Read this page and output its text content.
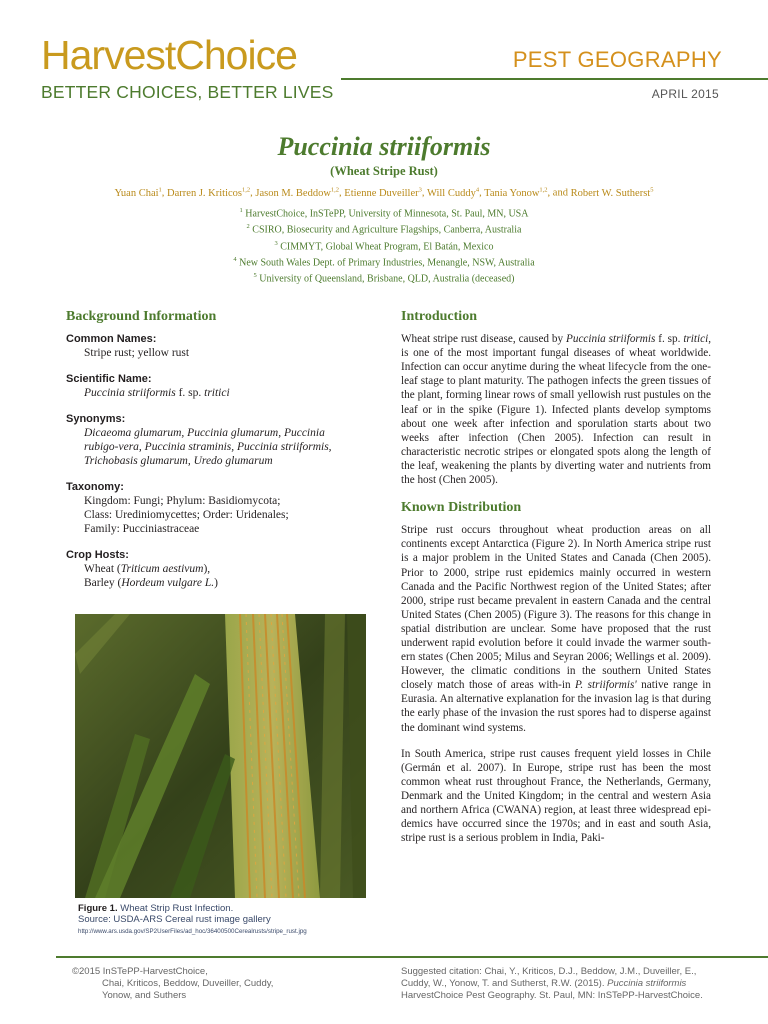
HarvestChoice
BETTER CHOICES, BETTER LIVES
PEST GEOGRAPHY
APRIL 2015
Puccinia striiformis
(Wheat Stripe Rust)
Yuan Chai$^1$, Darren J. Kriticos$^{1,2}$, Jason M. Beddow$^{1,2}$, Etienne Duveiller$^3$, Will Cuddy$^4$, Tania Yonow$^{1,2}$, and Robert W. Sutherst$^5$
$^1$ HarvestChoice, InSTePP, University of Minnesota, St. Paul, MN, USA
$^2$ CSIRO, Biosecurity and Agriculture Flagships, Canberra, Australia
$^3$ CIMMYT, Global Wheat Program, El Batán, Mexico
$^4$ New South Wales Dept. of Primary Industries, Menangle, NSW, Australia
$^5$ University of Queensland, Brisbane, QLD, Australia (deceased)
Background Information
Common Names:
Stripe rust; yellow rust
Scientific Name:
Puccinia striiformis f. sp. tritici
Synonyms:
Dicaeoma glumarum, Puccinia glumarum, Puccinia
rubigo-vera, Puccinia straminis, Puccinia striiformis,
Trichobasis glumarum, Uredo glumarum
Taxonomy:
Kingdom: Fungi; Phylum: Basidiomycota;
Class: Urediniomycettes; Order: Uridenales;
Family: Pucciniastraceae
Crop Hosts:
Wheat (Triticum aestivum),
Barley (Hordeum vulgare L.)
Figure 1. Wheat Strip Rust Infection.
Source: USDA-ARS Cereal rust image gallery
http://www.ars.usda.gov/SP2UserFiles/ad_hoc/36400500Cerealrusts/stripe_rust.jpg
Introduction

Wheat stripe rust disease, caused by Puccinia striiformis f. sp. tritici, is one of the most important fungal diseases of wheat worldwide. Infection can occur anytime during the wheat lifecycle from the one-leaf stage to plant maturity. The pathogen infects the green tissues of the plant, forming linear rows of small yellowish rust pustules on the leaf or in the spike (Figure 1). Infected plants develop symptoms about one week after infection and sporulation starts about two weeks after infection (Chen 2005). Infection can result in characteristic necrotic stripes or elongated spots along the length of the leaf, weakening the plants by diverting water and nutrients from the host (Chen 2005).

Known Distribution

Stripe rust occurs throughout wheat production areas on all continents except Antarctica (Figure 2). In North America stripe rust is a major problem in the United States and Canada (Chen 2005). Prior to 2000, stripe rust epidemics mainly occurred in western Canada and the Pacific Northwest region of the United States; after 2000, stripe rust became prevalent in eastern Canada and the central United States (Chen 2005) (Figure 3). The reasons for this change in spatial distribution are unclear. Some have proposed that the rust underwent rapid evolution before it could invade the warmer south-ern states (Chen 2005; Milus and Seyran 2006; Wellings et al. 2009). However, the climatic conditions in the southern United States closely match those of areas with-in P. striiformis' native range in Eurasia. An alternative explanation for the invasion lag is that during the early phase of the invasion the rust spores had to disperse against the dominant wind systems.

In South America, stripe rust causes frequent yield losses in Chile (Germán et al. 2007). In Europe, stripe rust has been the most common wheat rust throughout France, the Netherlands, Germany, Denmark and the United Kingdom; in the central and western Asia and northern Africa (CWANA) region, at least three widespread epi-demics have occurred since the 1970s; and in east and south Asia, stripe rust is a serious problem in India, Paki-

©2015 InSTePP-HarvestChoice,
Chai, Kriticos, Beddow, Duveiller, Cuddy,
Yonow, and Suthers
Suggested citation: Chai, Y., Kriticos, D.J., Beddow, J.M., Duveiller, E., Cuddy, W., Yonow, T. and Sutherst, R.W. (2015). Puccinia striiformis HarvestChoice Pest Geography. St. Paul, MN: InSTePP-HarvestChoice.
